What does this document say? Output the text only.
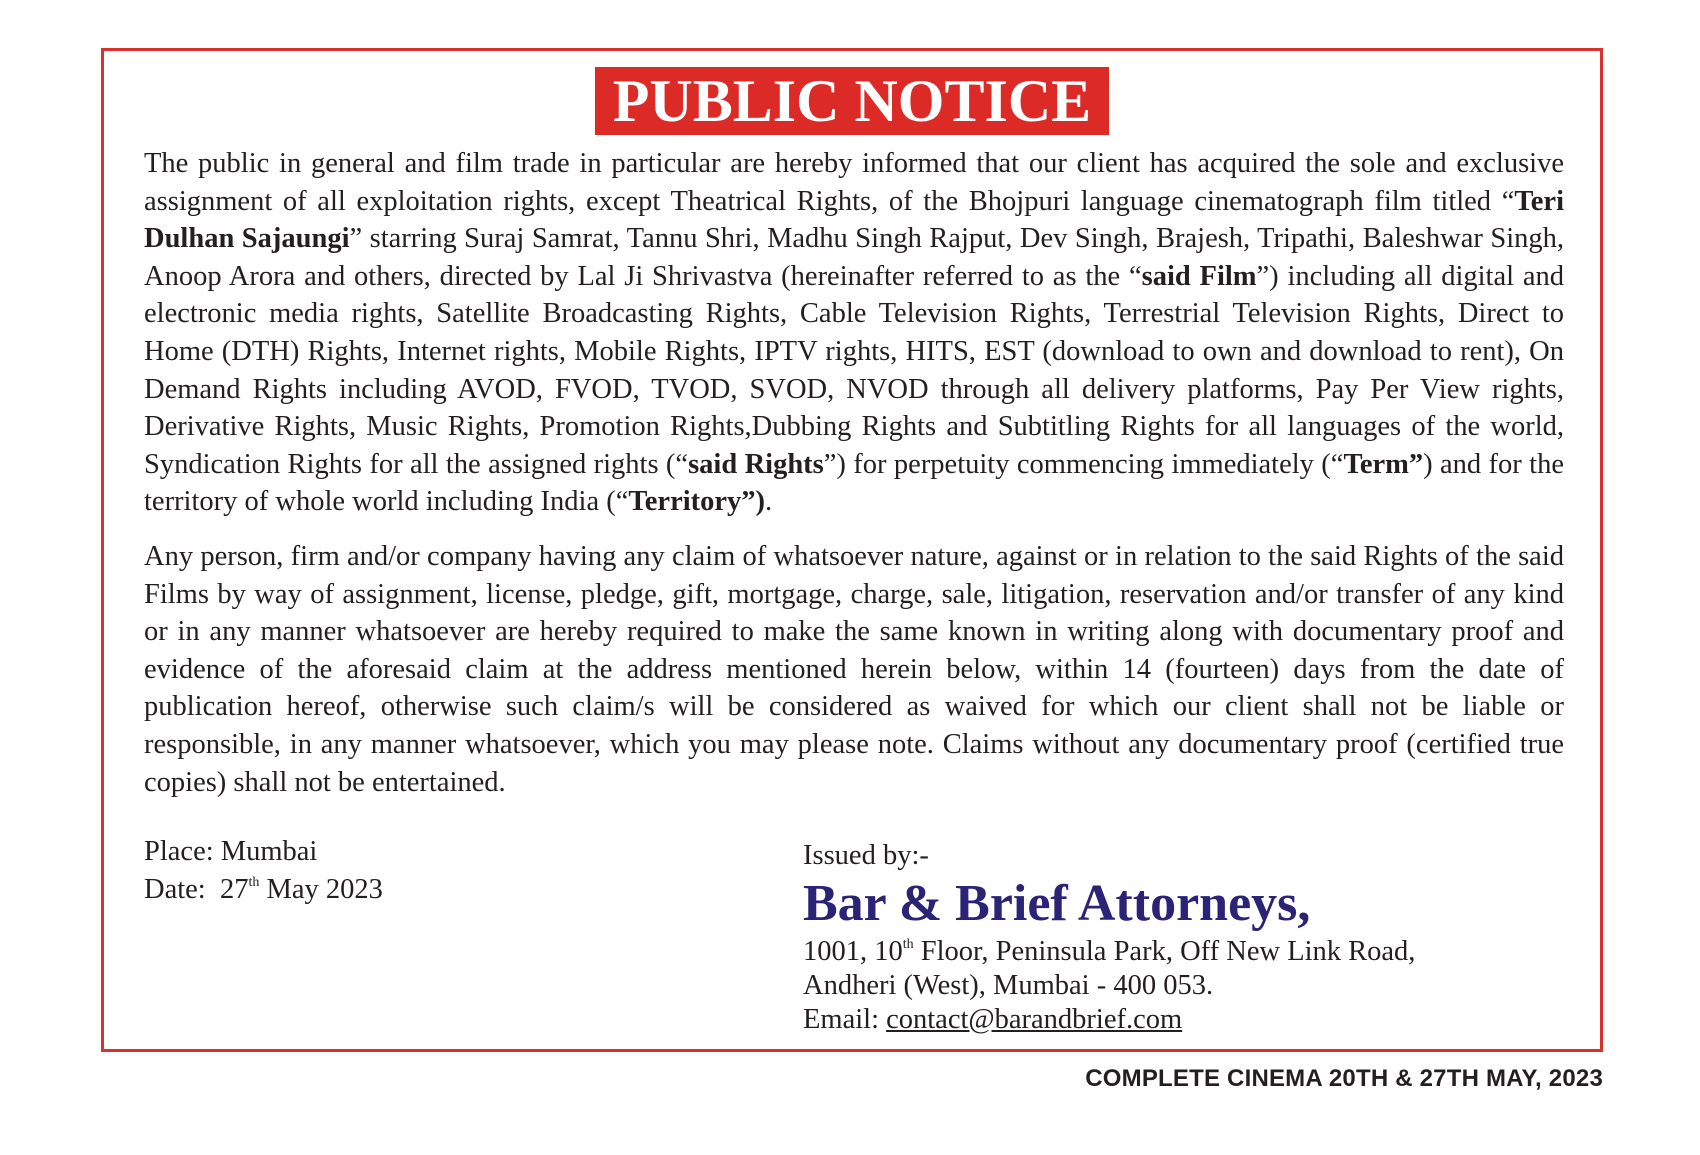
PUBLIC NOTICE

The public in general and film trade in particular are hereby informed that our client has acquired the sole and exclusive assignment of all exploitation rights, except Theatrical Rights, of the Bhojpuri language cinematograph film titled “Teri Dulhan Sajaungi” starring Suraj Samrat, Tannu Shri, Madhu Singh Rajput, Dev Singh, Brajesh, Tripathi, Baleshwar Singh, Anoop Arora and others, directed by Lal Ji Shrivastva (hereinafter referred to as the “said Film”) including all digital and electronic media rights, Satellite Broadcasting Rights, Cable Television Rights, Terrestrial Television Rights, Direct to Home (DTH) Rights, Internet rights, Mobile Rights, IPTV rights, HITS, EST (download to own and download to rent), On Demand Rights including AVOD, FVOD, TVOD, SVOD, NVOD through all delivery platforms, Pay Per View rights, Derivative Rights, Music Rights, Promotion Rights,Dubbing Rights and Subtitling Rights for all languages of the world, Syndication Rights for all the assigned rights (“said Rights”) for perpetuity commencing immediately (“Term”) and for the territory of whole world including India (“Territory”).

Any person, firm and/or company having any claim of whatsoever nature, against or in relation to the said Rights of the said Films by way of assignment, license, pledge, gift, mortgage, charge, sale, litigation, reservation and/or transfer of any kind or in any manner whatsoever are hereby required to make the same known in writing along with documentary proof and evidence of the aforesaid claim at the address mentioned herein below, within 14 (fourteen) days from the date of publication hereof, otherwise such claim/s will be considered as waived for which our client shall not be liable or responsible, in any manner whatsoever, which you may please note. Claims without any documentary proof (certified true copies) shall not be entertained.

Place: Mumbai
Date: 27th May 2023
Issued by:-
Bar & Brief Attorneys,
1001, 10th Floor, Peninsula Park, Off New Link Road,
Andheri (West), Mumbai - 400 053.
Email: contact@barandbrief.com
COMPLETE CINEMA 20TH & 27TH MAY, 2023
